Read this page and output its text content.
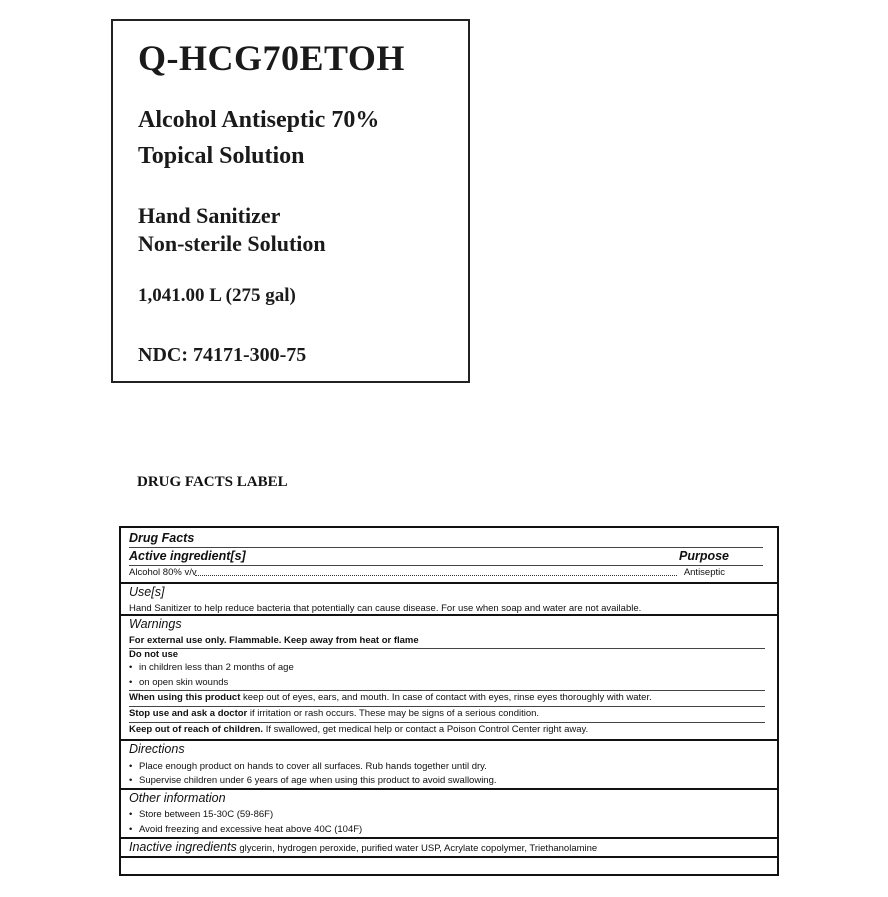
Q-HCG70ETOH
Alcohol Antiseptic 70%
Topical Solution
Hand Sanitizer
Non-sterile Solution
1,041.00 L (275 gal)
NDC: 74171-300-75
DRUG FACTS LABEL
Drug Facts
Active ingredient[s]	Purpose
Alcohol 80% v/v	Antiseptic
Use[s]
Hand Sanitizer to help reduce bacteria that potentially can cause disease. For use when soap and water are not available.
Warnings
For external use only. Flammable. Keep away from heat or flame
Do not use
• in children less than 2 months of age
• on open skin wounds
When using this product keep out of eyes, ears, and mouth. In case of contact with eyes, rinse eyes thoroughly with water.
Stop use and ask a doctor if irritation or rash occurs. These may be signs of a serious condition.
Keep out of reach of children. If swallowed, get medical help or contact a Poison Control Center right away.
Directions
• Place enough product on hands to cover all surfaces. Rub hands together until dry.
• Supervise children under 6 years of age when using this product to avoid swallowing.
Other information
• Store between 15-30C (59-86F)
• Avoid freezing and excessive heat above 40C (104F)
Inactive ingredients glycerin, hydrogen peroxide, purified water USP, Acrylate copolymer, Triethanolamine
